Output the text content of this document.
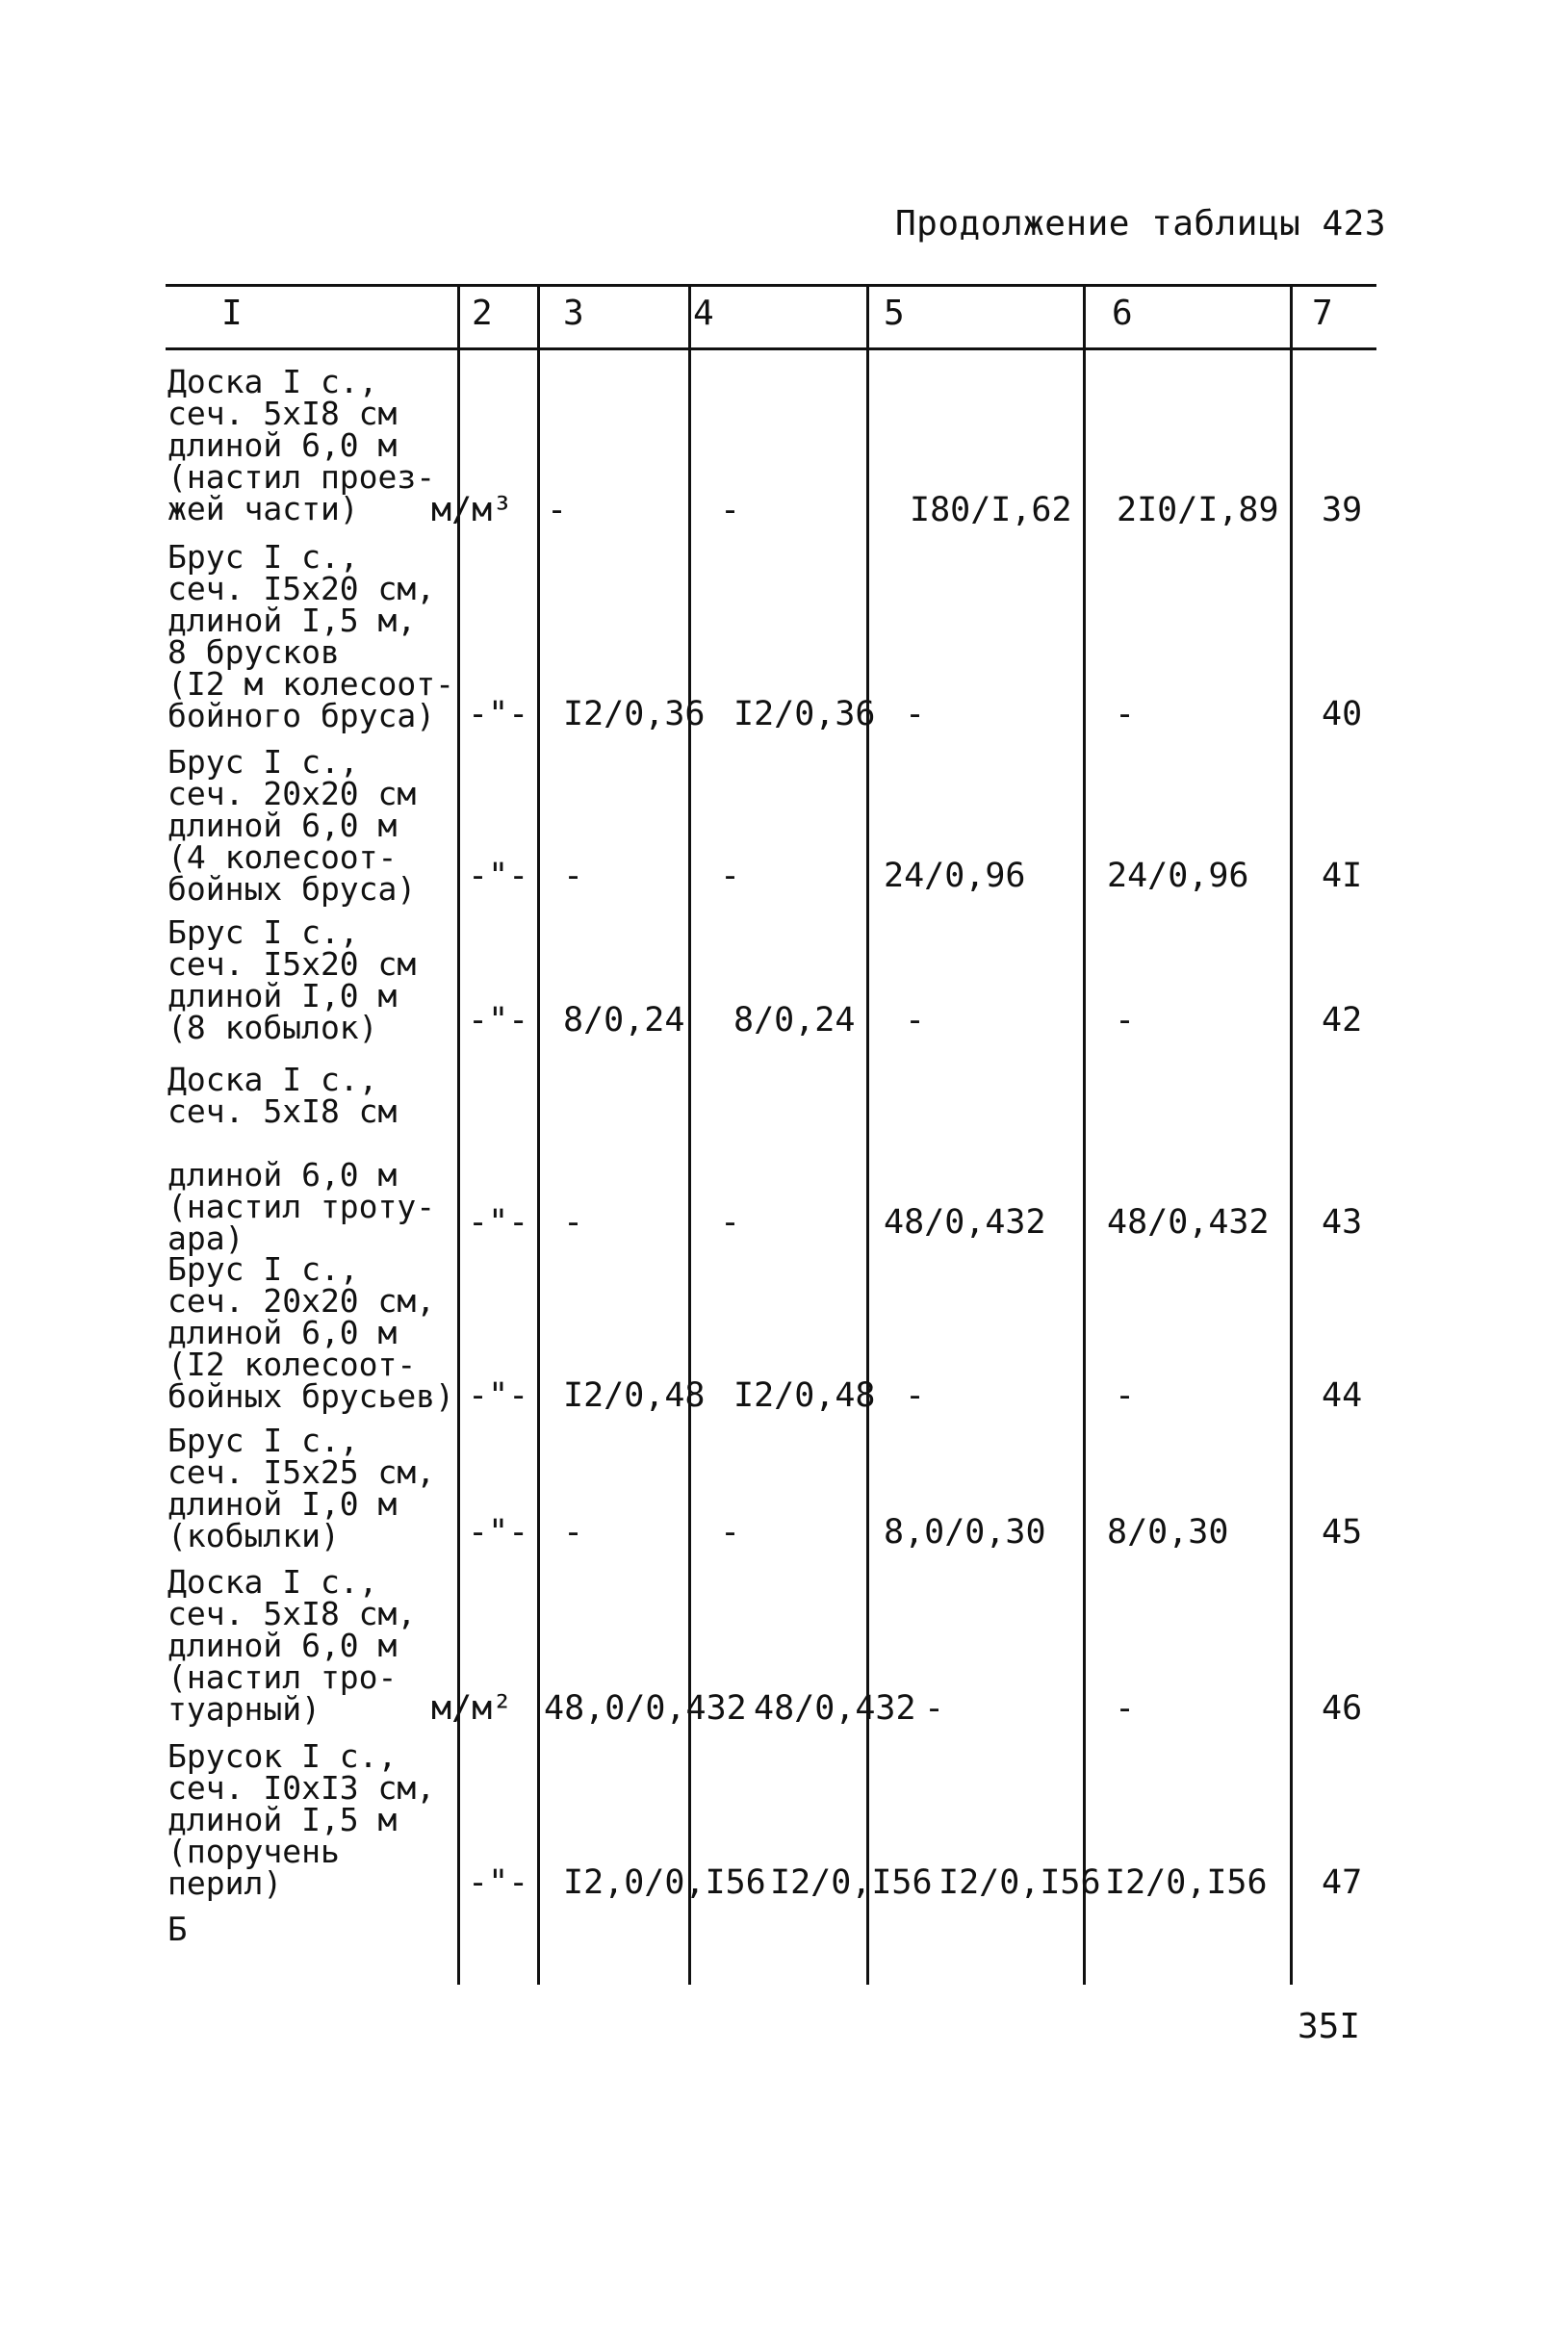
Продолжение таблицы 423
I	2 3	4	5	6	7
Доска I с.,
сеч. 5хI8 см
длиной 6,0 м
(настил проез-
жей части)	м/м³ -	-	I80/I,62 2I0/I,89 39
Брус I с.,
сеч. I5х20 см,
длиной I,5 м,
8 брусков
(I2 м колесоот-
бойного бруса) -"- I2/0,36 I2/0,36 -	-	40
Брус I с.,
сеч. 20х20 см
длиной 6,0 м
(4 колесоот-
бойных бруса)	-"- -	-	24/0,96 24/0,96 4I
Брус I с.,
сеч. I5х20 см
длиной I,0 м
(8 кобылок)	-"- 8/0,24 8/0,24 -	-	42
Доска I с.,
сеч. 5хI8 см

длиной 6,0 м
(настил троту-
ара)	-"- -	-	48/0,432 48/0,432 43
Брус I с.,
сеч. 20х20 см,
длиной 6,0 м
(I2 колесоот-
бойных брусьев) -"- I2/0,48 I2/0,48 -	-	44
Брус I с.,
сеч. I5х25 см,
длиной I,0 м
(кобылки)	-"- -	-	8,0/0,30 8/0,30	45
Доска I с.,
сеч. 5хI8 см,
длиной 6,0 м
(настил тро-
туарный)	м/м² 48,0/0,432 48/0,432 -	-	46
Брусок I с.,
сеч. I0хI3 см,
длиной I,5 м
(поручень
перил)	-"- I2,0/0,I56 I2/0,I56 I2/0,I56 I2/0,I56 47
Б
35I
